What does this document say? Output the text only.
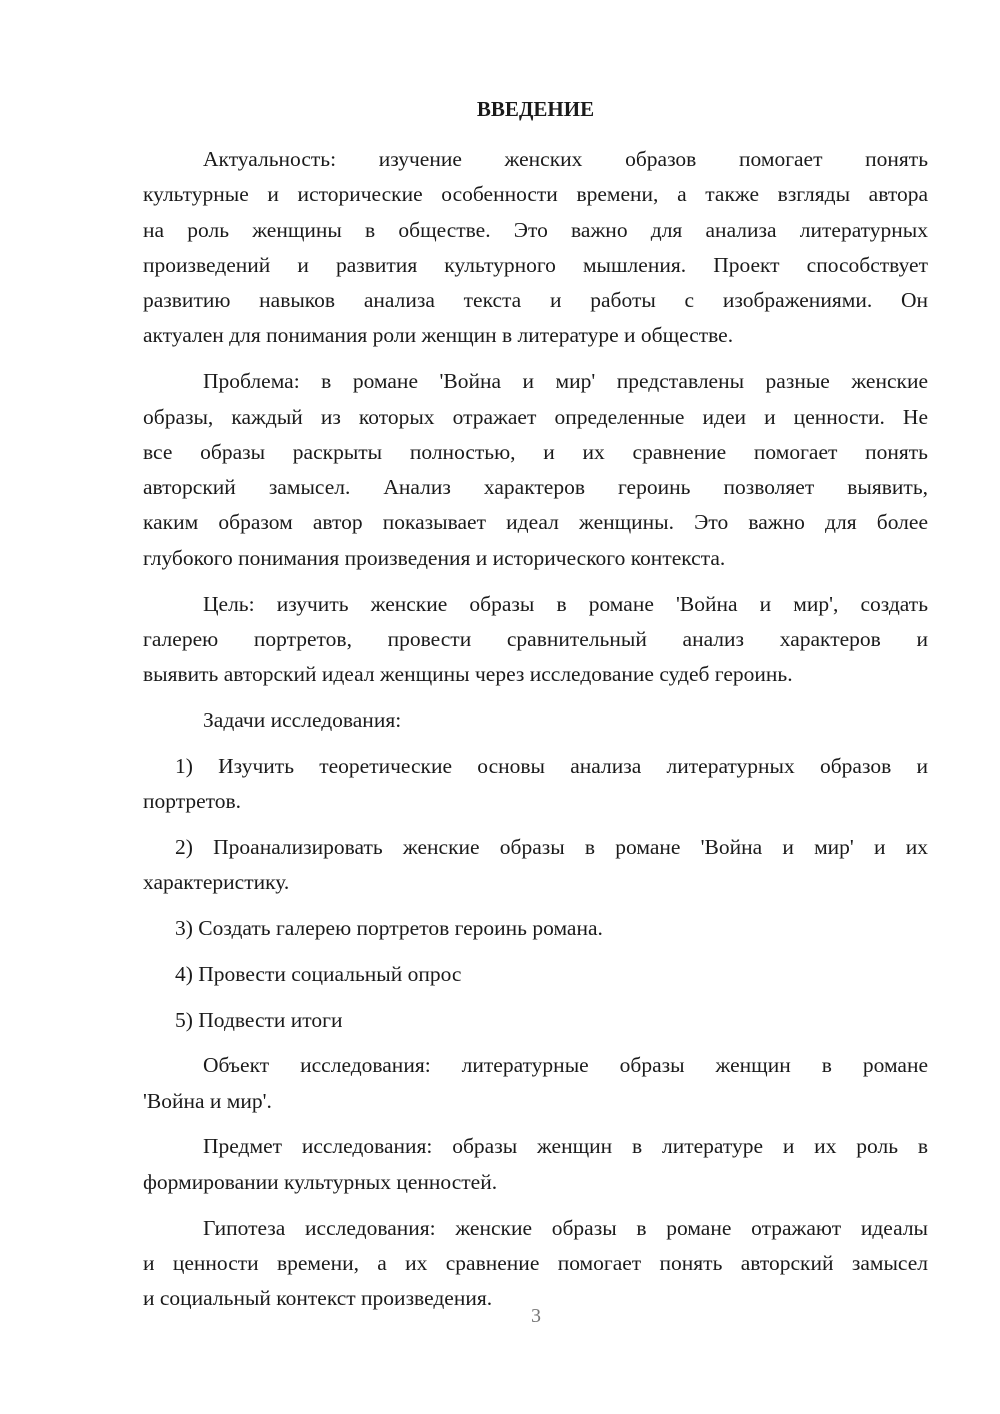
ВВЕДЕНИЕ
Актуальность: изучение женских образов помогает понять
культурные и исторические особенности времени, а также взгляды автора
на роль женщины в обществе. Это важно для анализа литературных
произведений и развития культурного мышления. Проект способствует
развитию навыков анализа текста и работы с изображениями. Он
актуален для понимания роли женщин в литературе и обществе.
Проблема: в романе 'Война и мир' представлены разные женские
образы, каждый из которых отражает определенные идеи и ценности. Не
все образы раскрыты полностью, и их сравнение помогает понять
авторский замысел. Анализ характеров героинь позволяет выявить,
каким образом автор показывает идеал женщины. Это важно для более
глубокого понимания произведения и исторического контекста.
Цель: изучить женские образы в романе 'Война и мир', создать
галерею портретов, провести сравнительный анализ характеров и
выявить авторский идеал женщины через исследование судеб героинь.
Задачи исследования:
1) Изучить теоретические основы анализа литературных образов и
портретов.
2) Проанализировать женские образы в романе 'Война и мир' и их
характеристику.
3) Создать галерею портретов героинь романа.
4) Провести социальный опрос
5) Подвести итоги
Объект исследования: литературные образы женщин в романе
'Война и мир'.
Предмет исследования: образы женщин в литературе и их роль в
формировании культурных ценностей.
Гипотеза исследования: женские образы в романе отражают идеалы
и ценности времени, а их сравнение помогает понять авторский замысел
и социальный контекст произведения.
3
